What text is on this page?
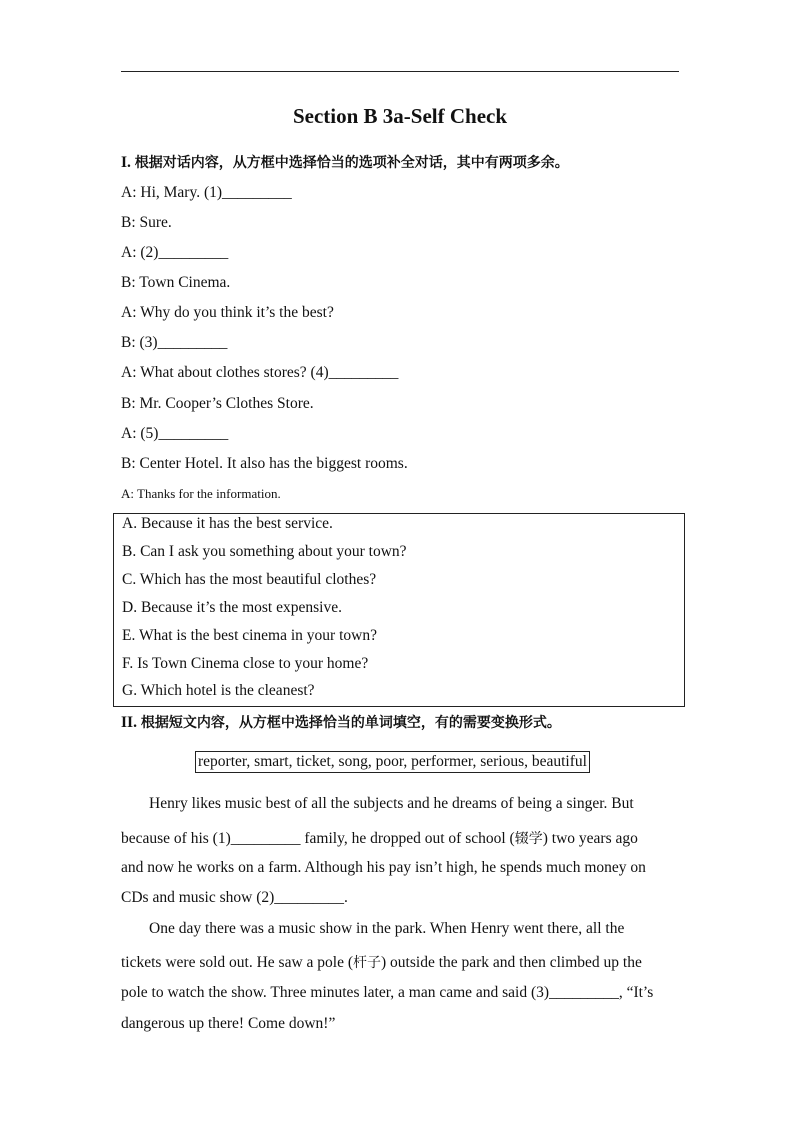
Section B 3a-Self Check
I. 根据对话内容，从方框中选择恰当的选项补全对话，其中有两项多余。
A: Hi, Mary. (1)_________
B: Sure.
A: (2)_________
B: Town Cinema.
A: Why do you think it’s the best?
B: (3)_________
A: What about clothes stores? (4)_________
B: Mr. Cooper’s Clothes Store.
A: (5)_________
B: Center Hotel. It also has the biggest rooms.
A: Thanks for the information.
A. Because it has the best service.
B. Can I ask you something about your town?
C. Which has the most beautiful clothes?
D. Because it’s the most expensive.
E. What is the best cinema in your town?
F. Is Town Cinema close to your home?
G. Which hotel is the cleanest?
II. 根据短文内容，从方框中选择恰当的单词填空，有的需要变换形式。
reporter, smart, ticket, song, poor, performer, serious, beautiful
Henry likes music best of all the subjects and he dreams of being a singer. But
because of his (1)_________ family, he dropped out of school (辍学) two years ago
and now he works on a farm. Although his pay isn’t high, he spends much money on
CDs and music show (2)_________.
One day there was a music show in the park. When Henry went there, all the
tickets were sold out. He saw a pole (杆子) outside the park and then climbed up the
pole to watch the show. Three minutes later, a man came and said (3)_________, “It’s
dangerous up there! Come down!”
